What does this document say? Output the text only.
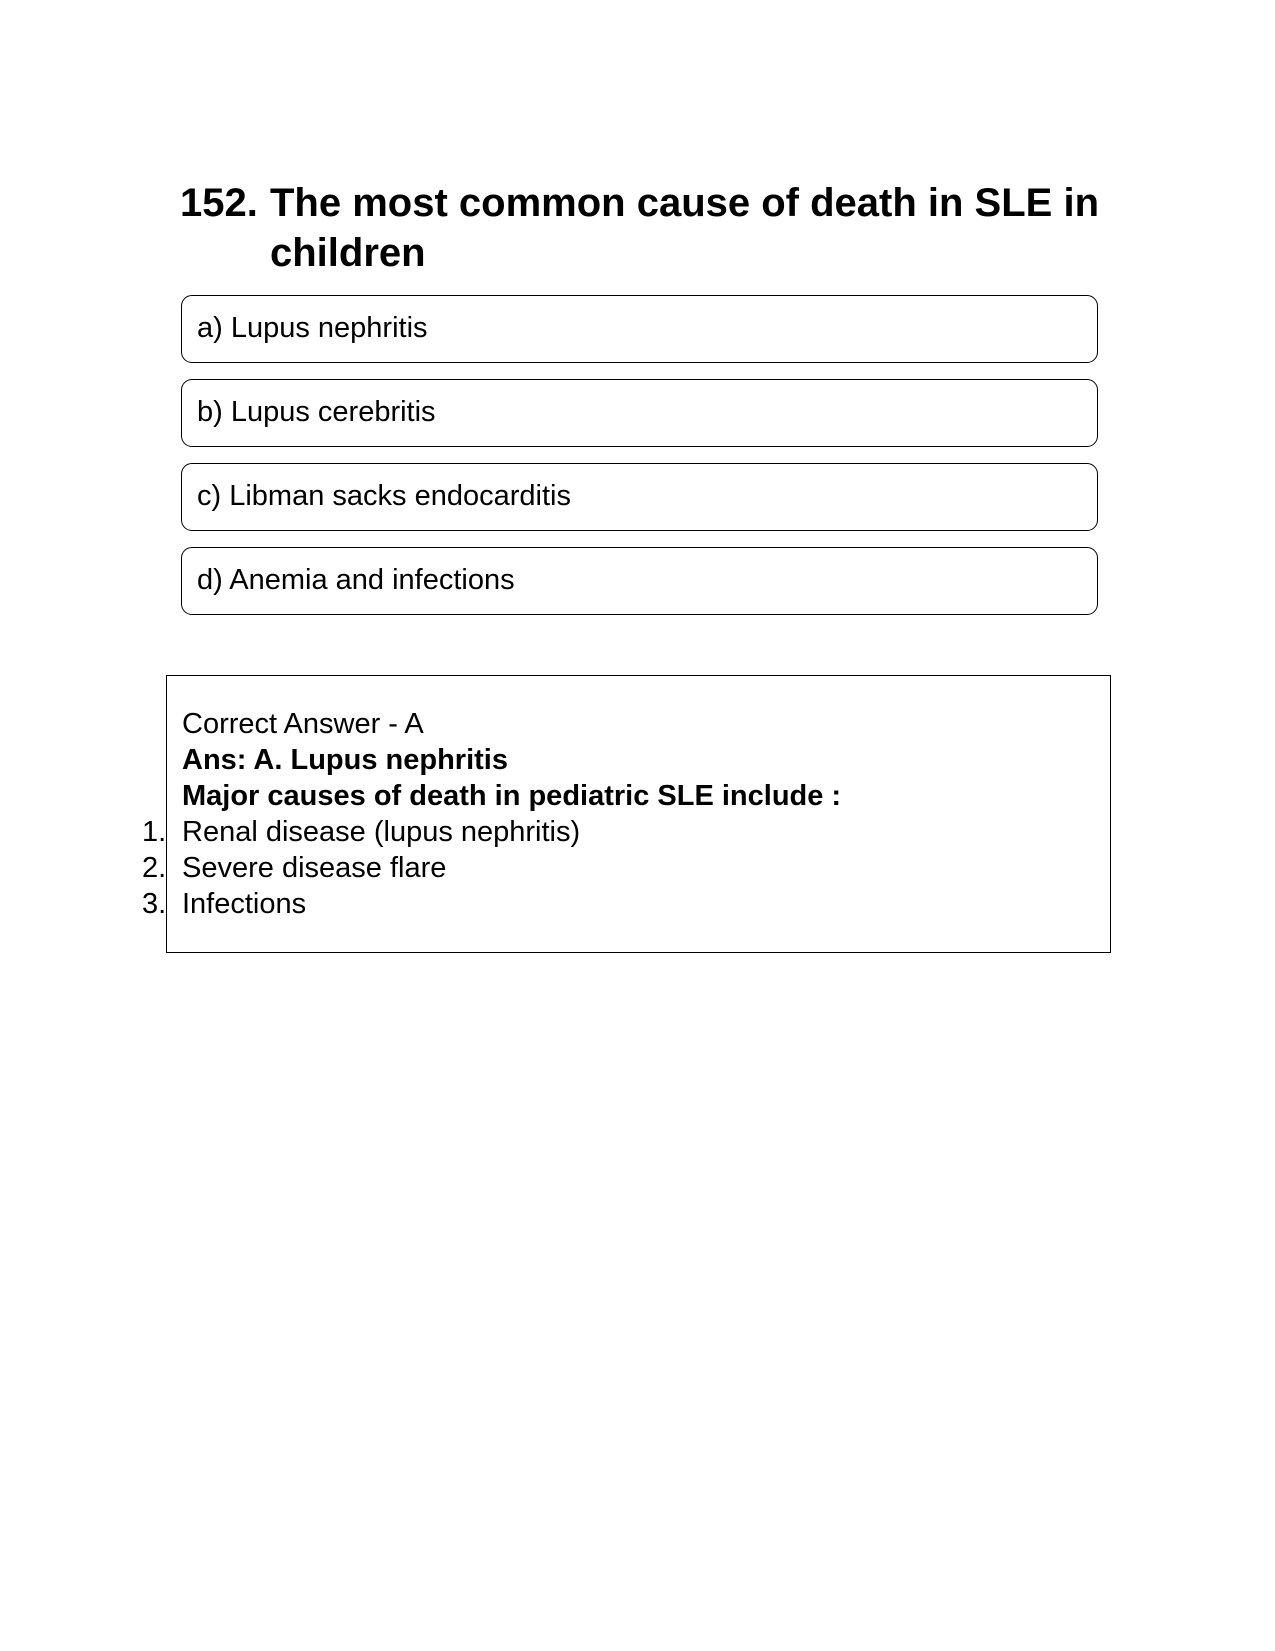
152. The most common cause of death in SLE in children
a) Lupus nephritis
b) Lupus cerebritis
c) Libman sacks endocarditis
d) Anemia and infections
Correct Answer - A
Ans: A. Lupus nephritis
Major causes of death in pediatric SLE include :
1. Renal disease (lupus nephritis)
2. Severe disease flare
3. Infections
